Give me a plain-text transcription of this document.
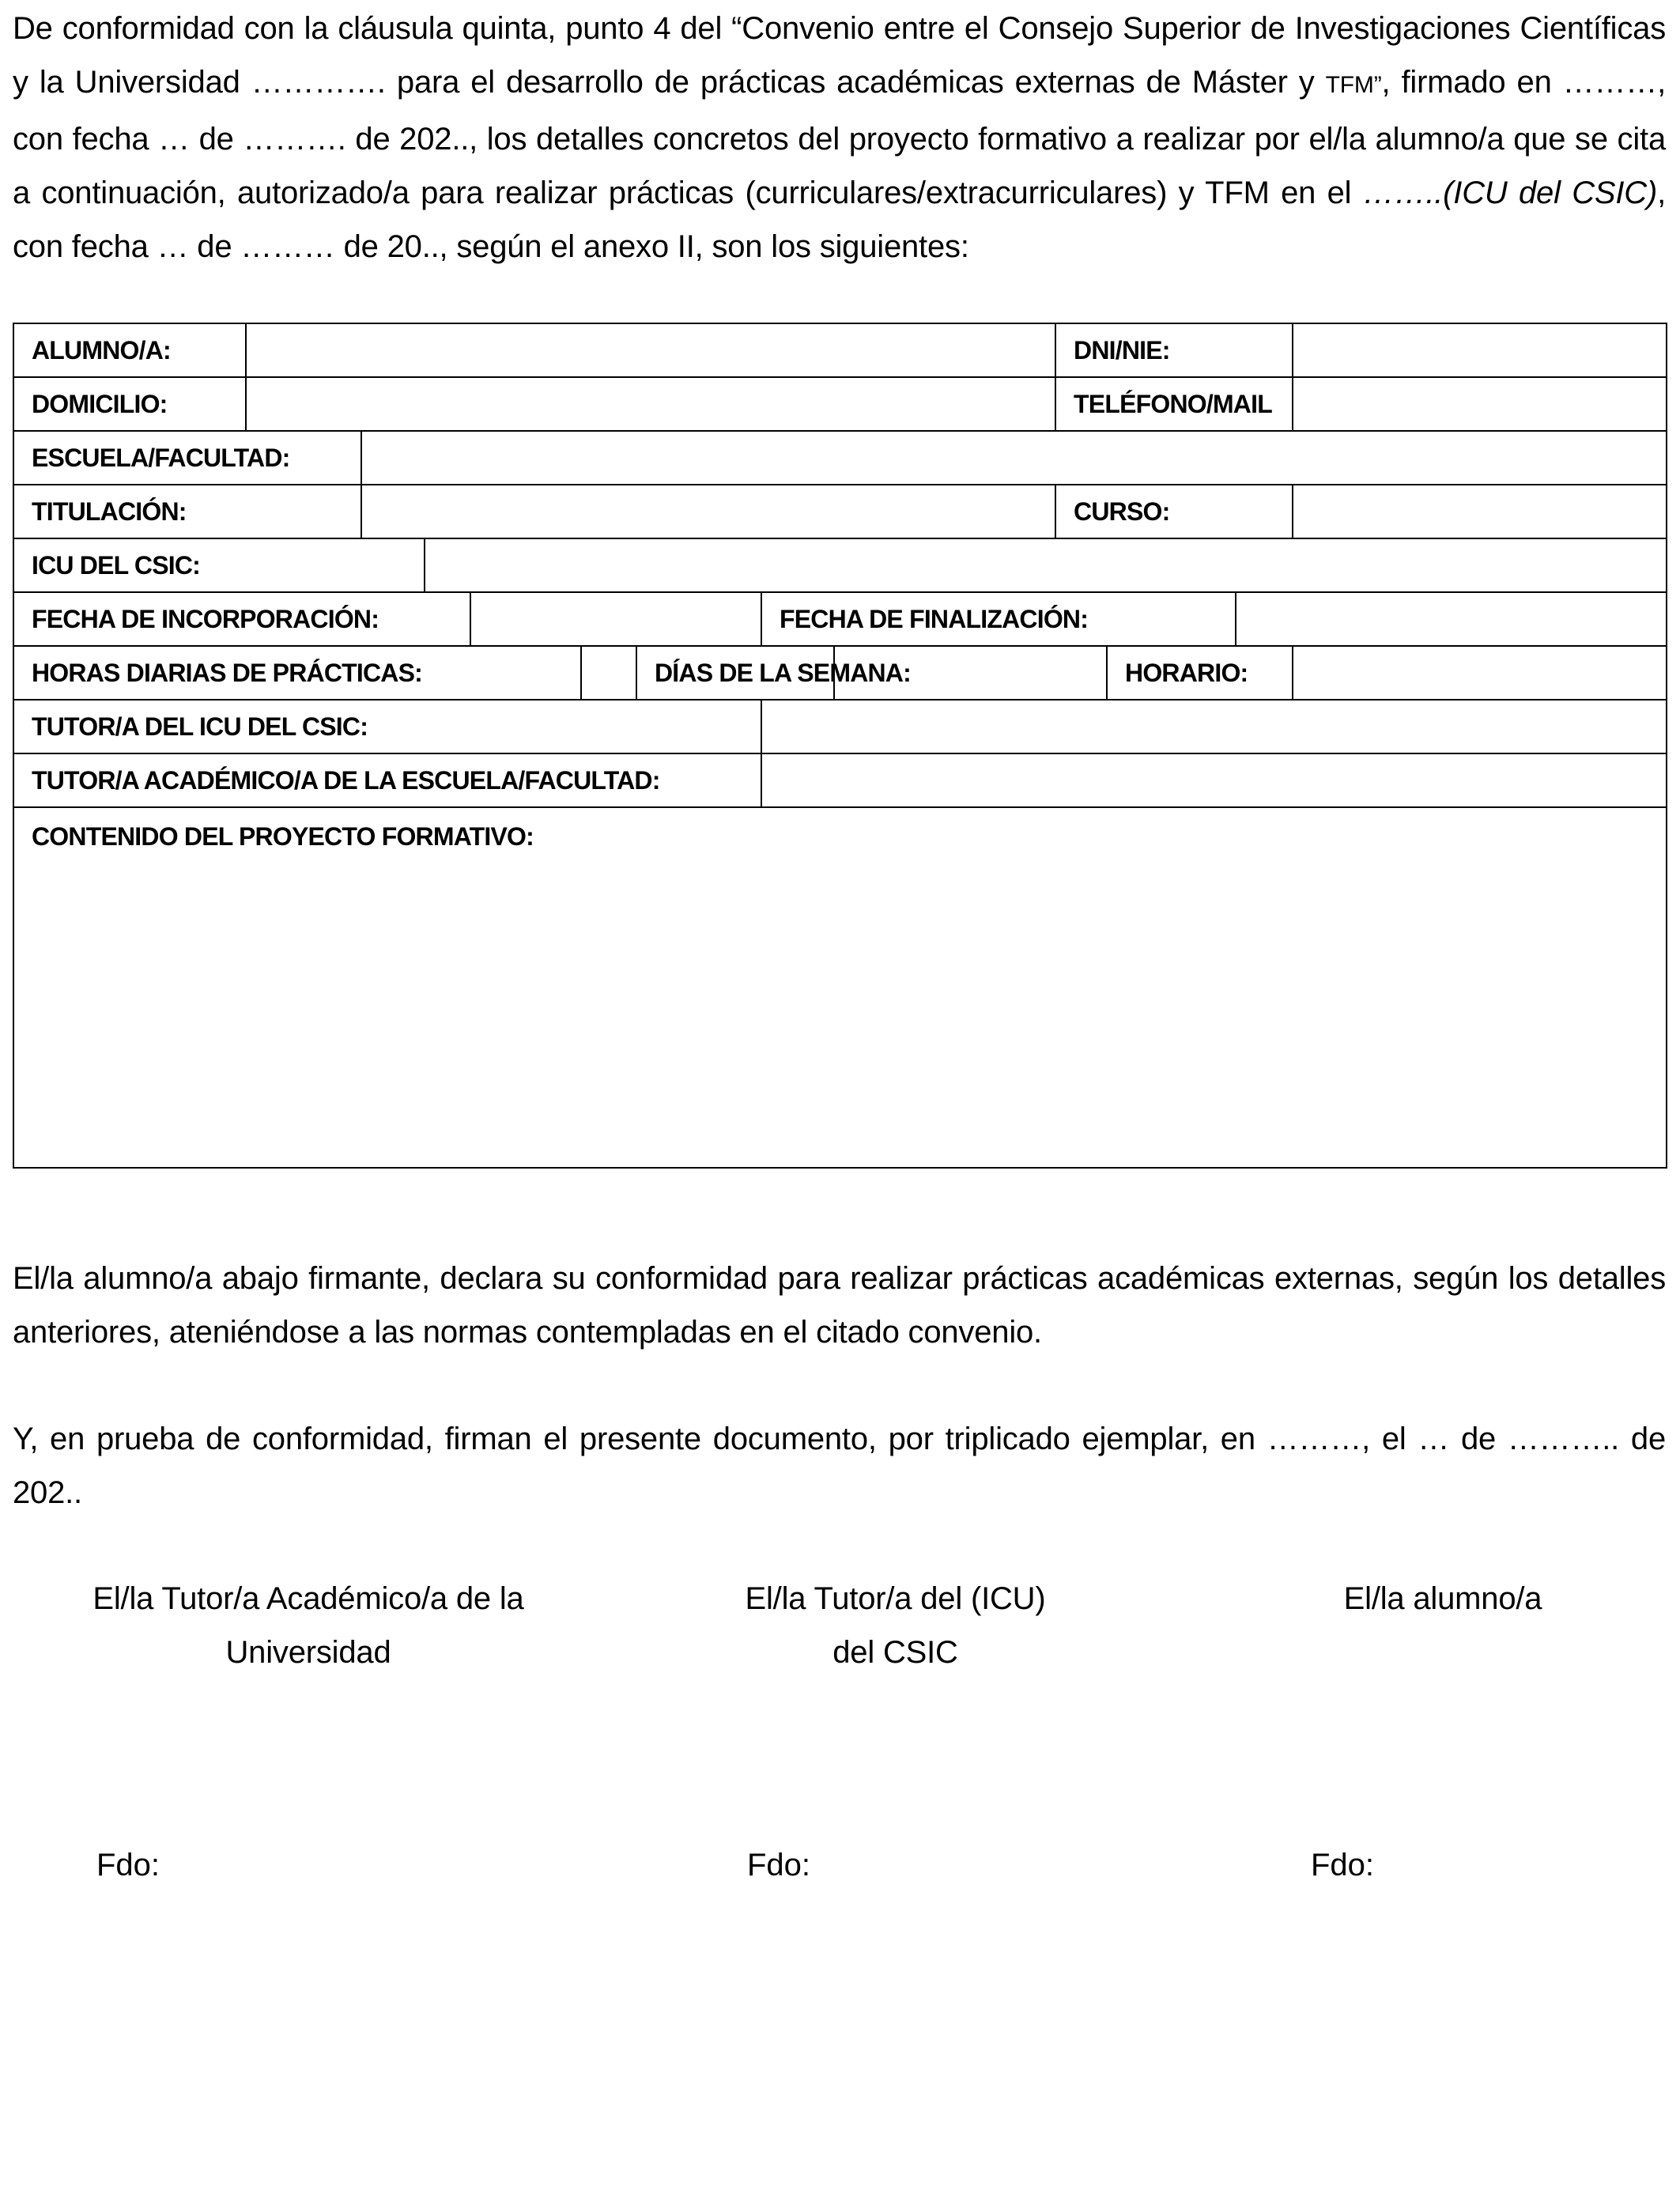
De conformidad con la cláusula quinta, punto 4 del “Convenio entre el Consejo Superior de Investigaciones Científicas y la Universidad …………. para el desarrollo de prácticas académicas externas de Máster y TFM”, firmado en ………, con fecha … de ………. de 202.., los detalles concretos del proyecto formativo a realizar por el/la alumno/a que se cita a continuación, autorizado/a para realizar prácticas (curriculares/extracurriculares) y TFM en el ……..(ICU del CSIC), con fecha … de ……… de 20.., según el anexo II, son los siguientes:

ALUMNO/A:									DNI/NIE:			
DOMICILIO:									TELÉFONO/MAIL			
ESCUELA/FACULTAD:												
TITULACIÓN:									CURSO:			
ICU DEL CSIC:												
FECHA DE INCORPORACIÓN:							FECHA DE FINALIZACIÓN:					
HORAS DIARIAS DE PRÁCTICAS:						DÍAS DE LA SEMANA:				HORARIO:		
TUTOR/A DEL ICU DEL CSIC:												
TUTOR/A ACADÉMICO/A DE LA ESCUELA/FACULTAD:												
CONTENIDO DEL PROYECTO FORMATIVO:												

El/la alumno/a abajo firmante, declara su conformidad para realizar prácticas académicas externas, según los detalles anteriores, ateniéndose a las normas contempladas en el citado convenio.

Y, en prueba de conformidad, firman el presente documento, por triplicado ejemplar, en ………, el … de ……….. de 202..

El/la Tutor/a Académico/a de la
Universidad
El/la Tutor/a del (ICU)
del CSIC
El/la alumno/a
Fdo:	Fdo:	Fdo:
